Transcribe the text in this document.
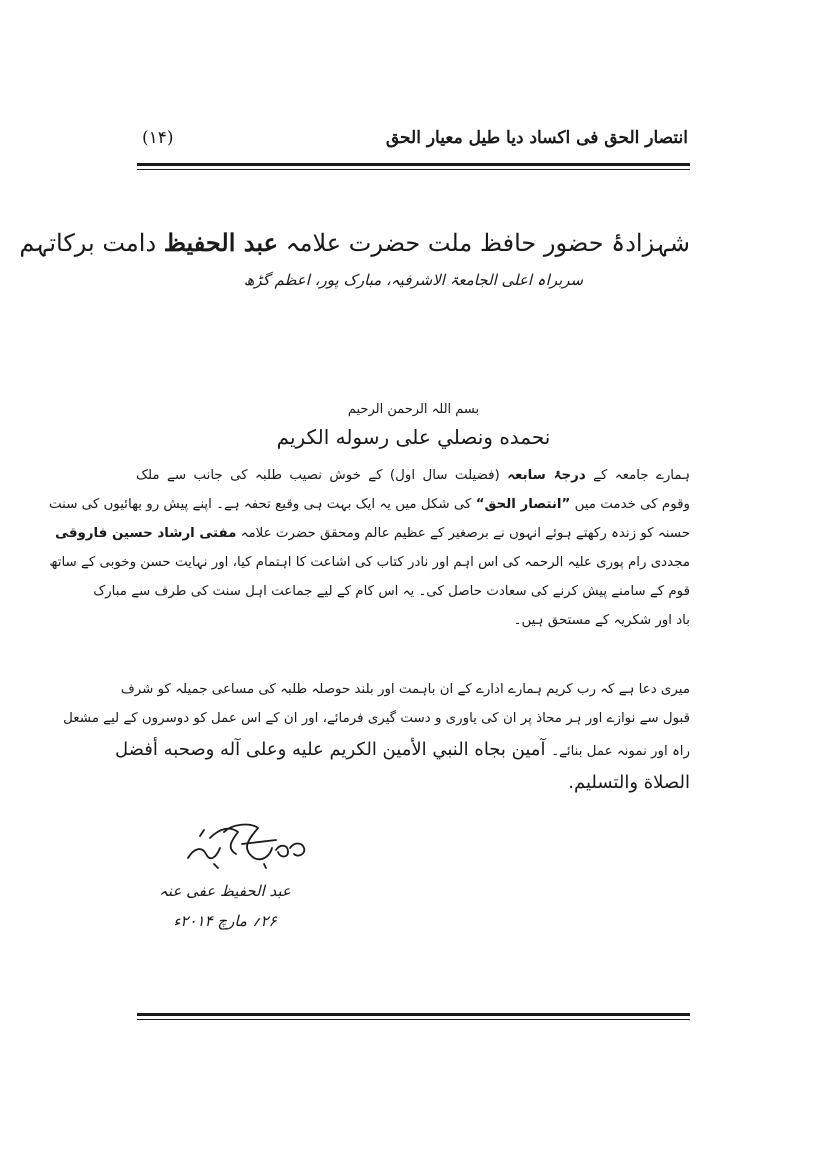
انتصار الحق فی اکساد دیا طیل معیار الحق
(۱۴)
شہزادۂ حضور حافظ ملت حضرت علامہ عبد الحفیظ دامت برکاتہم
سربراہ اعلی الجامعۃ الاشرفیہ، مبارک پور، اعظم گڑھ
بسم اللہ الرحمن الرحیم
نحمده ونصلي على رسوله الكريم
ہمارے جامعہ کے درجۂ سابعہ (فضیلت سال اول) کے خوش نصیب طلبہ کی جانب سے ملک
وقوم کی خدمت میں ”انتصار الحق“ کی شکل میں یہ ایک بہت ہی وقیع تحفہ ہے۔ اپنے پیش رو بھائیوں کی سنت
حسنہ کو زندہ رکھتے ہوئے انہوں نے برصغیر کے عظیم عالم ومحقق حضرت علامہ مفتی ارشاد حسین فاروقی
مجددی رام پوری علیہ الرحمہ کی اس اہم اور نادر کتاب کی اشاعت کا اہتمام کیا، اور نہایت حسن وخوبی کے ساتھ
قوم کے سامنے پیش کرنے کی سعادت حاصل کی۔ یہ اس کام کے لیے جماعت اہل سنت کی طرف سے مبارک
باد اور شکریہ کے مستحق ہیں۔
میری دعا ہے کہ رب کریم ہمارے ادارے کے ان باہمت اور بلند حوصلہ طلبہ کی مساعی جمیلہ کو شرف
قبول سے نوازے اور ہر محاذ پر ان کی یاوری و دست گیری فرمائے، اور ان کے اس عمل کو دوسروں کے لیے مشعل
راہ اور نمونہ عمل بنائے۔ آمين بجاه النبي الأمين الكريم عليه وعلى آله وصحبه أفضل
الصلاة والتسليم.
عبد الحفیظ عفی عنہ
۲۶؍ مارچ ۲۰۱۴ء
